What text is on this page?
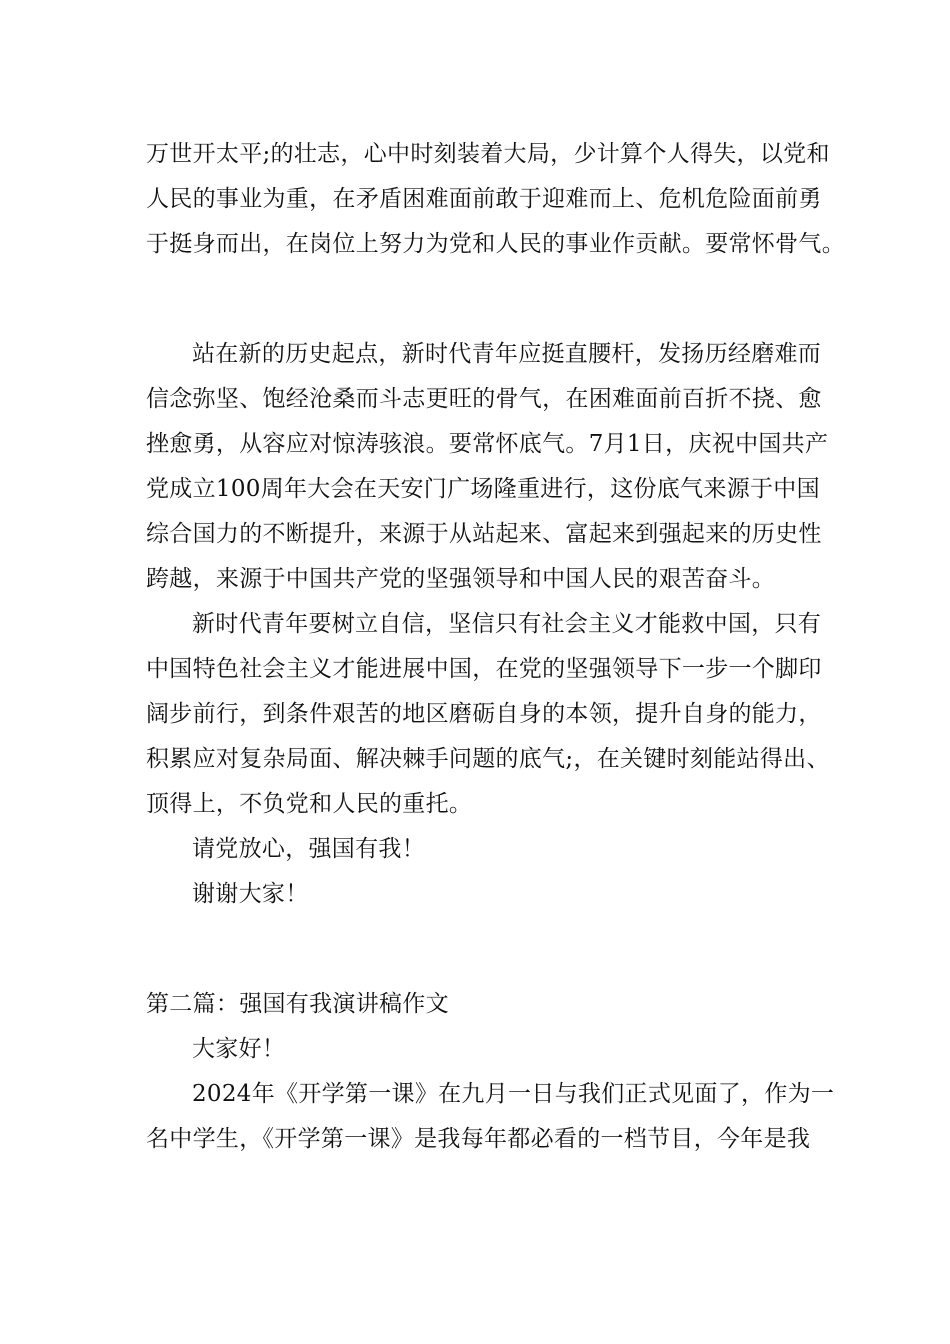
万世开太平;的壮志，心中时刻装着大局，少计算个人得失，以党和
人民的事业为重，在矛盾困难面前敢于迎难而上、危机危险面前勇
于挺身而出，在岗位上努力为党和人民的事业作贡献。要常怀骨气。
站在新的历史起点，新时代青年应挺直腰杆，发扬历经磨难而
信念弥坚、饱经沧桑而斗志更旺的骨气，在困难面前百折不挠、愈
挫愈勇，从容应对惊涛骇浪。要常怀底气。7月1日，庆祝中国共产
党成立100周年大会在天安门广场隆重进行，这份底气来源于中国
综合国力的不断提升，来源于从站起来、富起来到强起来的历史性
跨越，来源于中国共产党的坚强领导和中国人民的艰苦奋斗。
新时代青年要树立自信，坚信只有社会主义才能救中国，只有
中国特色社会主义才能进展中国，在党的坚强领导下一步一个脚印
阔步前行，到条件艰苦的地区磨砺自身的本领，提升自身的能力，
积累应对复杂局面、解决棘手问题的底气;，在关键时刻能站得出、
顶得上，不负党和人民的重托。
请党放心，强国有我！
谢谢大家！
第二篇：强国有我演讲稿作文
大家好！
2024年《开学第一课》在九月一日与我们正式见面了，作为一
名中学生，《开学第一课》是我每年都必看的一档节目，今年是我
